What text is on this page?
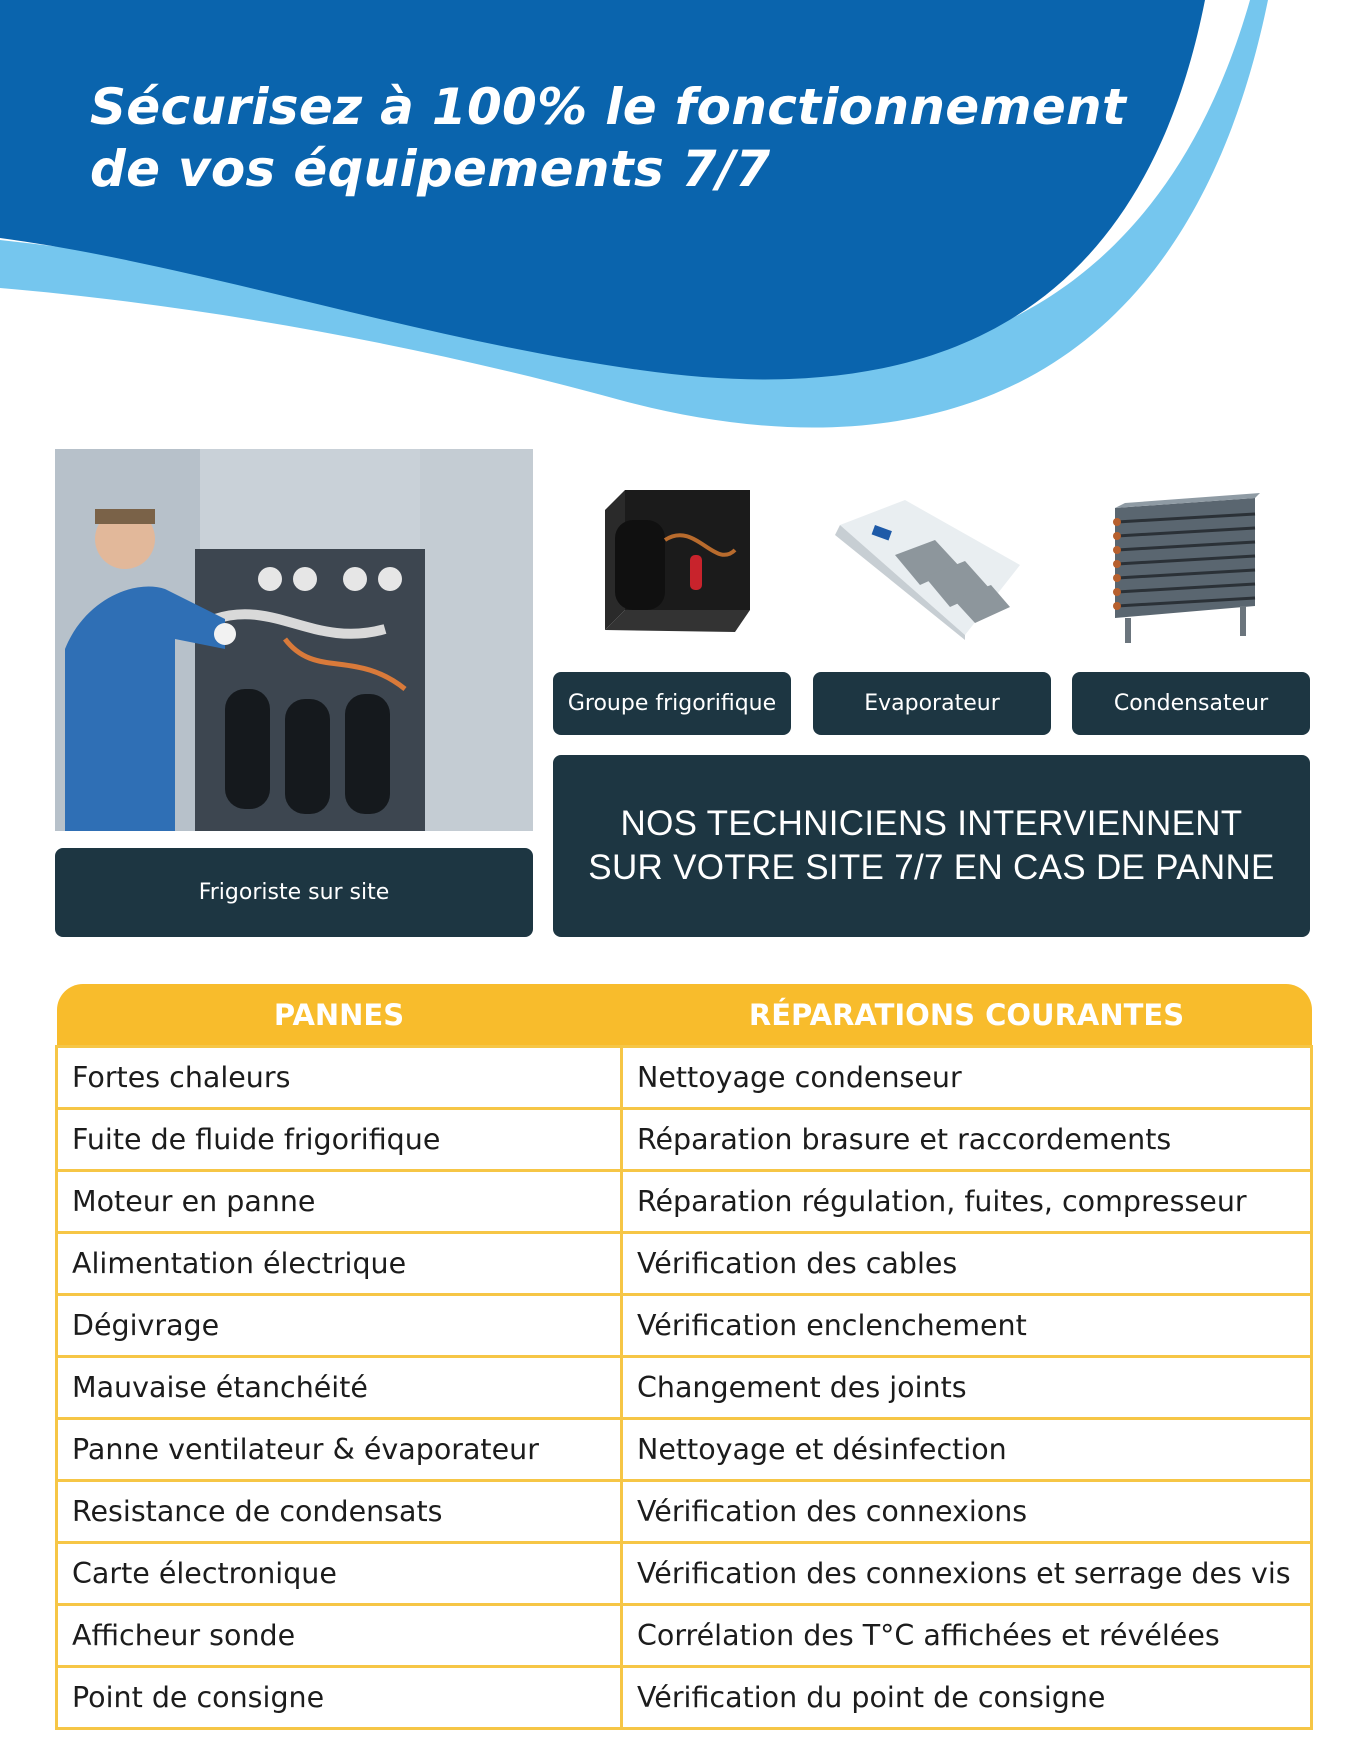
Sécurisez à 100% le fonctionnement
de vos équipements 7/7
Frigoriste sur site
Groupe frigorifique	Evaporateur	Condensateur
NOS TECHNICIENS INTERVIENNENT
SUR VOTRE SITE 7/7 EN CAS DE PANNE
PANNES	RÉPARATIONS COURANTES
Fortes chaleurs	Nettoyage condenseur
Fuite de fluide frigorifique	Réparation brasure et raccordements
Moteur en panne	Réparation régulation, fuites, compresseur
Alimentation électrique	Vérification des cables
Dégivrage	Vérification enclenchement
Mauvaise étanchéité	Changement des joints
Panne ventilateur & évaporateur	Nettoyage et désinfection
Resistance de condensats	Vérification des connexions
Carte électronique	Vérification des connexions et serrage des vis
Afficheur sonde	Corrélation des T°C affichées et révélées
Point de consigne	Vérification du point de consigne
